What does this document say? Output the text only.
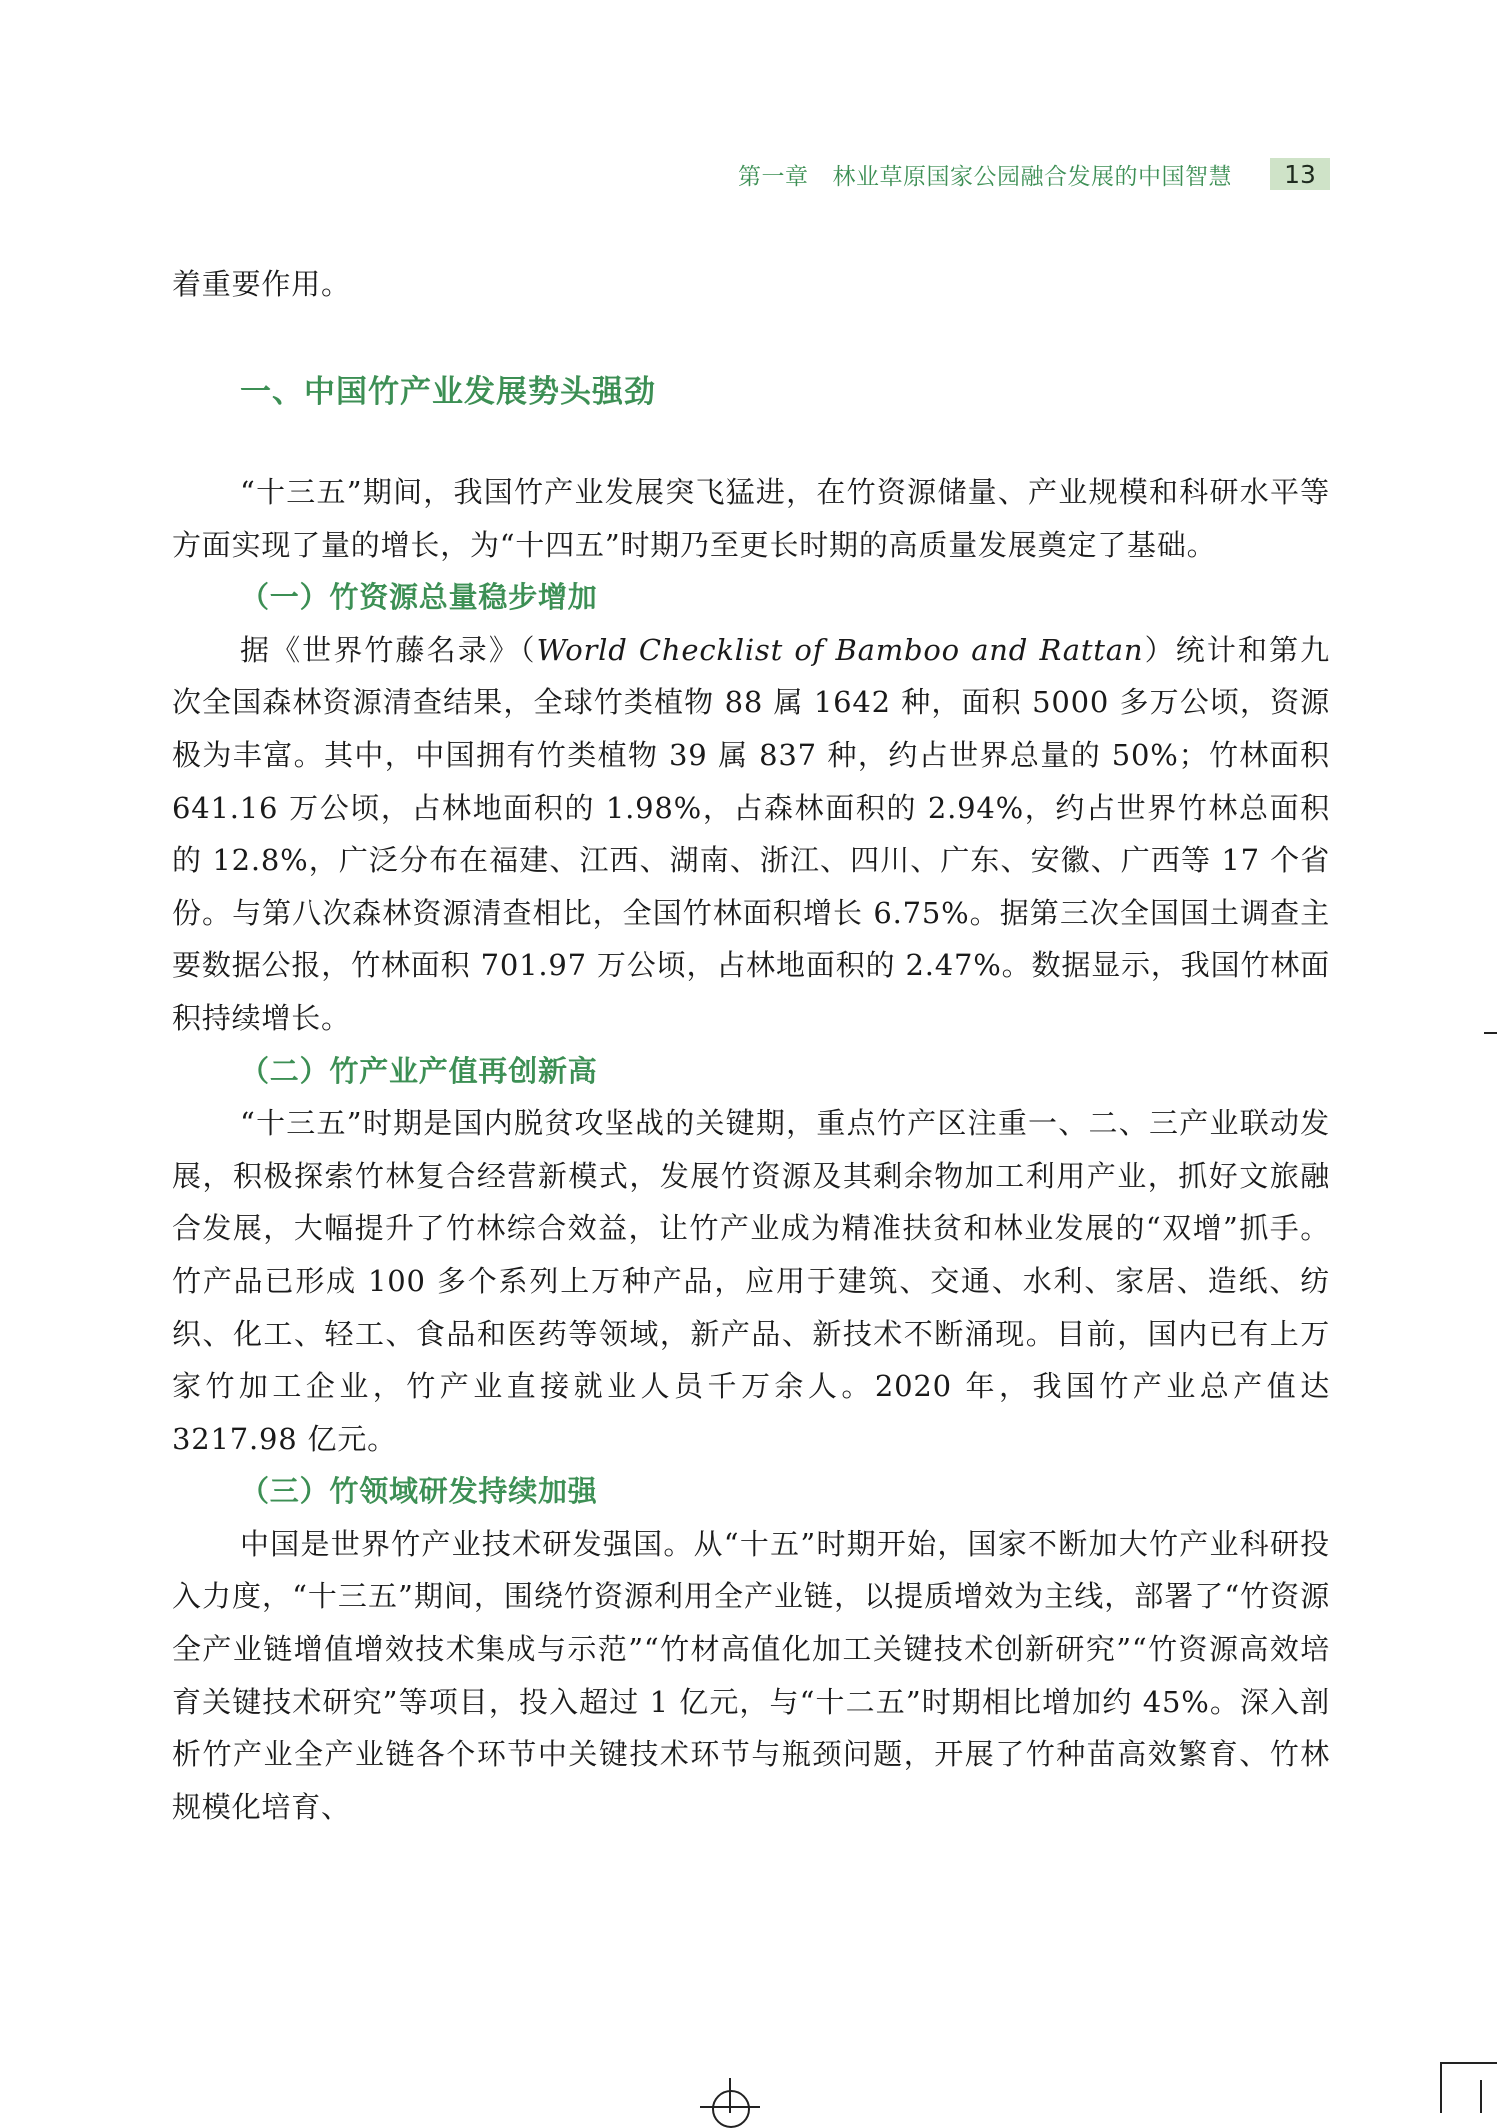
第一章 林业草原国家公园融合发展的中国智慧	13

着重要作用。

一、中国竹产业发展势头强劲

“十三五”期间，我国竹产业发展突飞猛进，在竹资源储量、产业规模和科研水平等方面实现了量的增长，为“十四五”时期乃至更长时期的高质量发展奠定了基础。

（一）竹资源总量稳步增加

据《世界竹藤名录》（World Checklist of Bamboo and Rattan）统计和第九次全国森林资源清查结果，全球竹类植物 88 属 1642 种，面积 5000 多万公顷，资源极为丰富。其中，中国拥有竹类植物 39 属 837 种，约占世界总量的 50%；竹林面积 641.16 万公顷，占林地面积的 1.98%，占森林面积的 2.94%，约占世界竹林总面积的 12.8%，广泛分布在福建、江西、湖南、浙江、四川、广东、安徽、广西等 17 个省份。与第八次森林资源清查相比，全国竹林面积增长 6.75%。据第三次全国国土调查主要数据公报，竹林面积 701.97 万公顷，占林地面积的 2.47%。数据显示，我国竹林面积持续增长。

（二）竹产业产值再创新高

“十三五”时期是国内脱贫攻坚战的关键期，重点竹产区注重一、二、三产业联动发展，积极探索竹林复合经营新模式，发展竹资源及其剩余物加工利用产业，抓好文旅融合发展，大幅提升了竹林综合效益，让竹产业成为精准扶贫和林业发展的“双增”抓手。竹产品已形成 100 多个系列上万种产品，应用于建筑、交通、水利、家居、造纸、纺织、化工、轻工、食品和医药等领域，新产品、新技术不断涌现。目前，国内已有上万家竹加工企业，竹产业直接就业人员千万余人。2020 年，我国竹产业总产值达 3217.98 亿元。

（三）竹领域研发持续加强

中国是世界竹产业技术研发强国。从“十五”时期开始，国家不断加大竹产业科研投入力度，“十三五”期间，围绕竹资源利用全产业链，以提质增效为主线，部署了“竹资源全产业链增值增效技术集成与示范”“竹材高值化加工关键技术创新研究”“竹资源高效培育关键技术研究”等项目，投入超过 1 亿元，与“十二五”时期相比增加约 45%。深入剖析竹产业全产业链各个环节中关键技术环节与瓶颈问题，开展了竹种苗高效繁育、竹林规模化培育、
